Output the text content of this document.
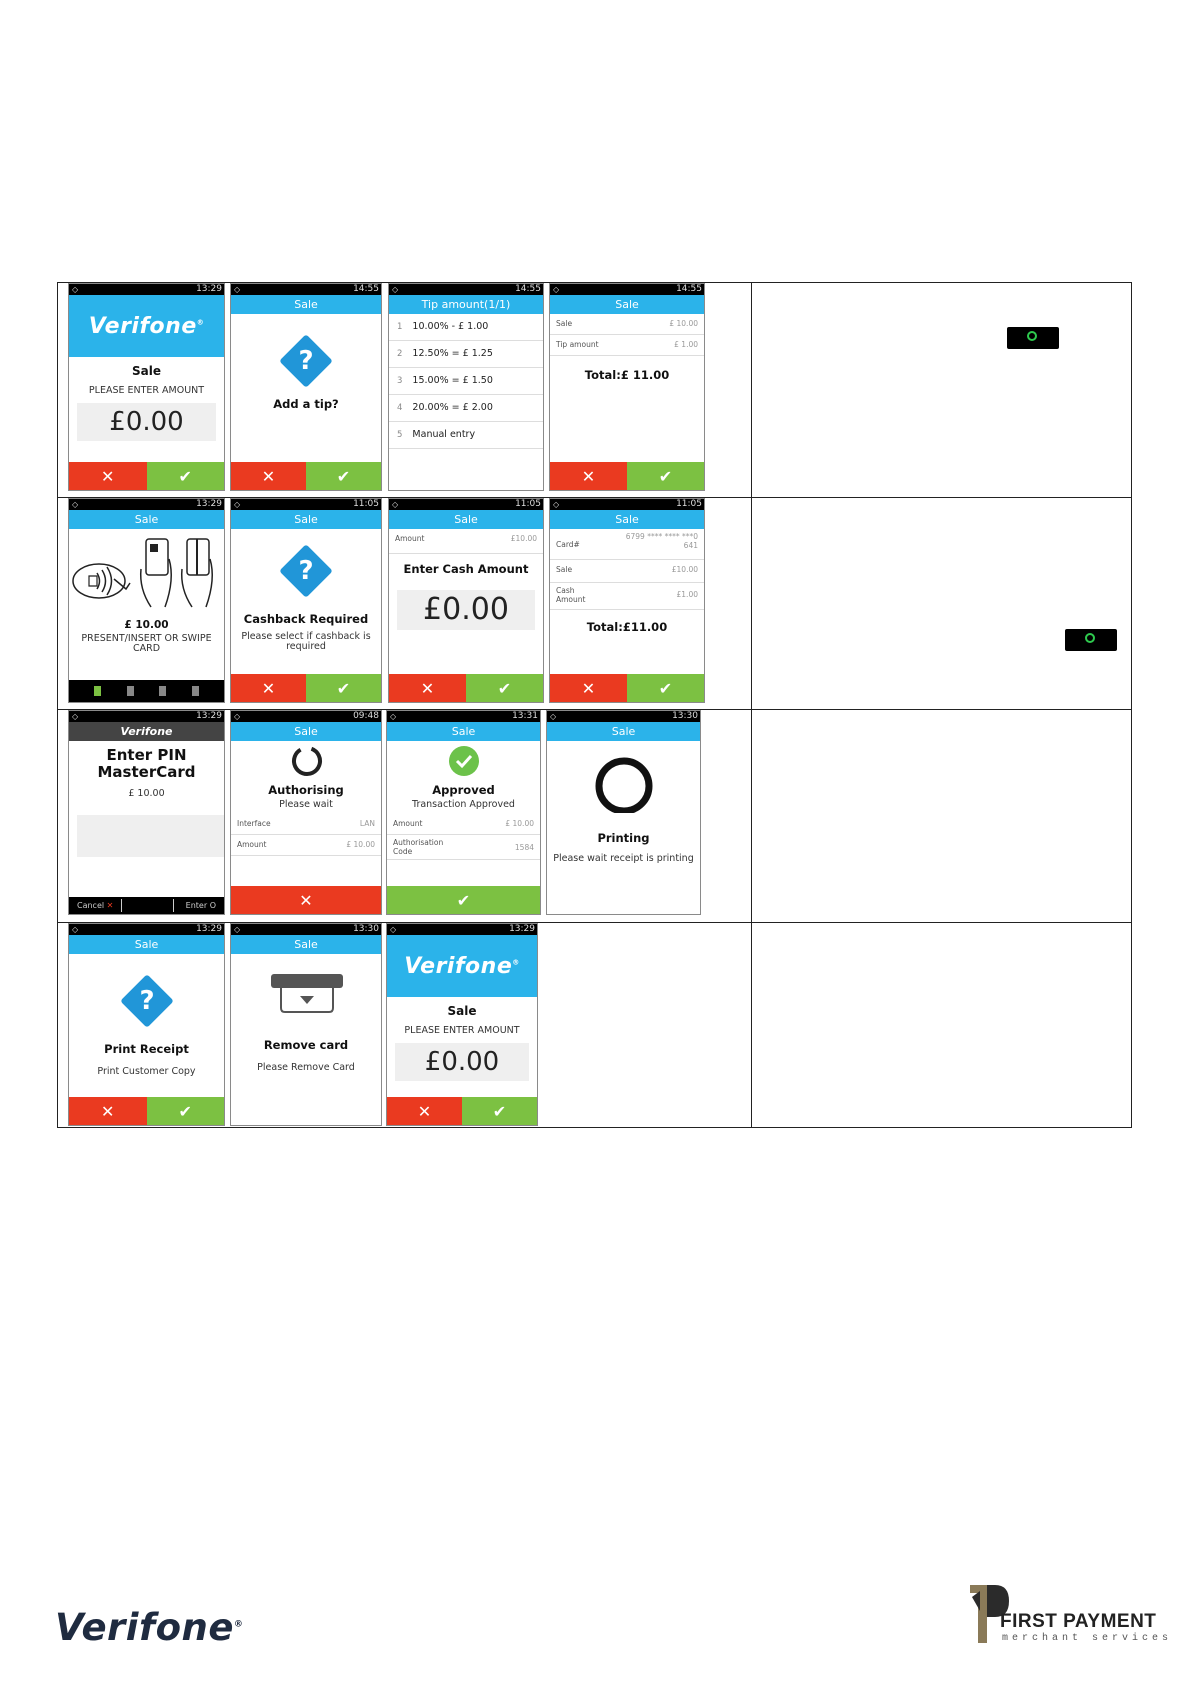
◇	13:29
Verifone®
Sale
PLEASE ENTER AMOUNT
£0.00
✕	✔
◇	14:55
Sale
?
Add a tip?
✕	✔
◇	14:55
Tip amount(1/1)
1 10.00% - £ 1.00
2 12.50% = £ 1.25
3 15.00% = £ 1.50
4 20.00% = £ 2.00
5 Manual entry
◇	14:55
Sale
Sale	£ 10.00
Tip amount	£ 1.00
Total:£ 11.00
✕	✔
◇	13:29
Sale
£ 10.00
PRESENT/INSERT OR SWIPE CARD
◇	11:05
Sale
?
Cashback Required
Please select if cashback is required
✕	✔
◇	11:05
Sale
Amount	£10.00
Enter Cash Amount
£0.00
✕	✔
◇	11:05
Sale
Card#
6799 **** **** ***0 641
Sale	£10.00
Cash Amount
£1.00
Total:£11.00
✕	✔
◇	13:29
Verifone
Enter PIN MasterCard
£ 10.00
Cancel ✕	Enter O
◇	09:48
Sale
Authorising
Please wait
Interface	LAN
Amount	£ 10.00
✕
◇	13:31
Sale
Approved
Transaction Approved
Amount	£ 10.00
Authorisation Code	1584
✔
◇	13:30
Sale
Printing
Please wait receipt is printing
◇	13:29
Sale
?
Print Receipt
Print Customer Copy
✕	✔
◇	13:30
Sale
Remove card
Please Remove Card
◇	13:29
Verifone®
Sale
PLEASE ENTER AMOUNT
£0.00
✕	✔
Verifone®	FIRST PAYMENT
merchant services
